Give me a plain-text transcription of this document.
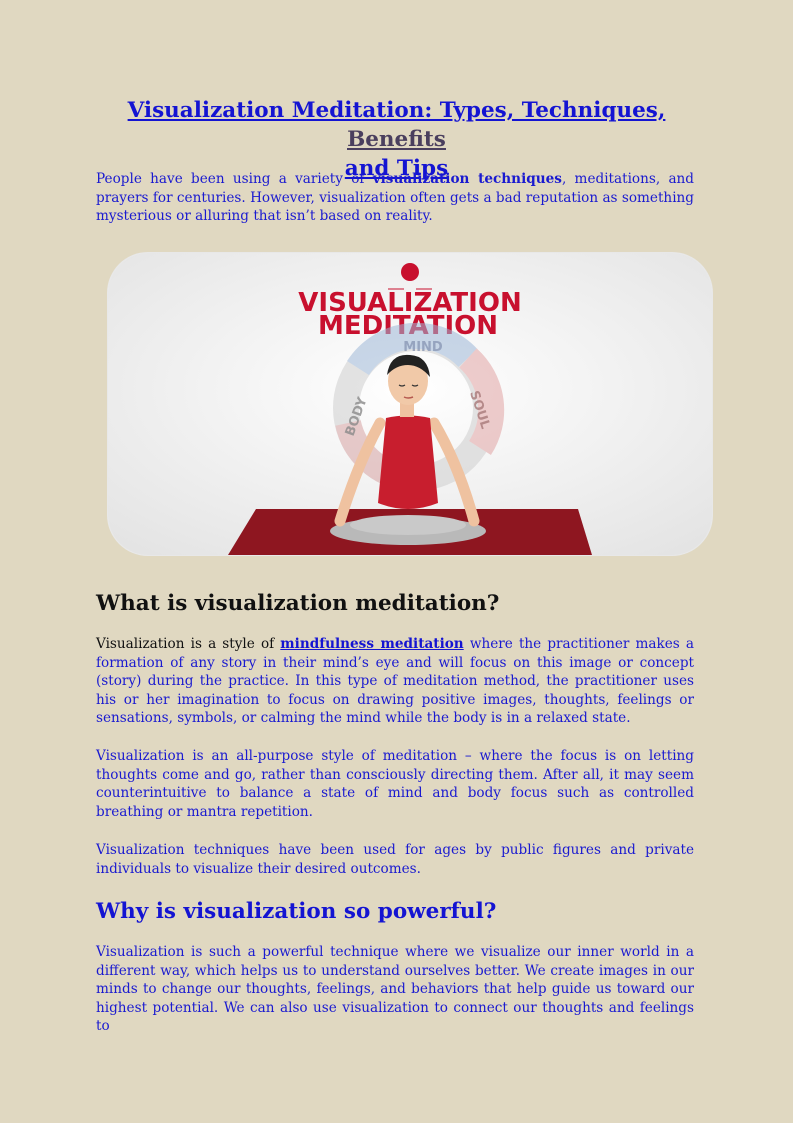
Visualization Meditation: Types, Techniques, Benefits
and Tips

People have been using a variety of visualization techniques, meditations, and prayers for centuries. However, visualization often gets a bad reputation as something mysterious or alluring that isn’t based on reality.

VISUALIZATION
MEDITATION
MIND
BODY	SOUL
What is visualization meditation?

Visualization is a style of mindfulness meditation where the practitioner makes a formation of any story in their mind’s eye and will focus on this image or concept (story) during the practice. In this type of meditation method, the practitioner uses his or her imagination to focus on drawing positive images, thoughts, feelings or sensations, symbols, or calming the mind while the body is in a relaxed state.

Visualization is an all-purpose style of meditation – where the focus is on letting thoughts come and go, rather than consciously directing them. After all, it may seem counterintuitive to balance a state of mind and body focus such as controlled breathing or mantra repetition.

Visualization techniques have been used for ages by public figures and private individuals to visualize their desired outcomes.

Why is visualization so powerful?

Visualization is such a powerful technique where we visualize our inner world in a different way, which helps us to understand ourselves better. We create images in our minds to change our thoughts, feelings, and behaviors that help guide us toward our highest potential. We can also use visualization to connect our thoughts and feelings to
